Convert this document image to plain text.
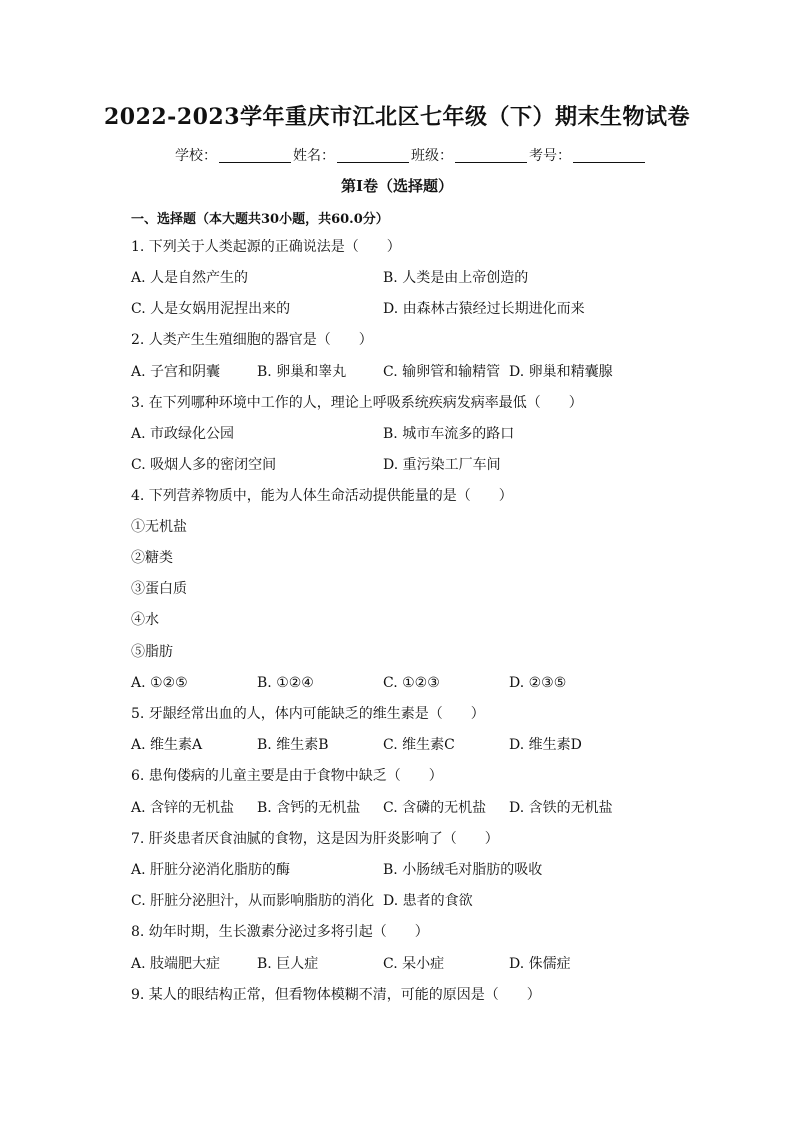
2022-2023学年重庆市江北区七年级（下）期末生物试卷
学校：	姓名：	班级：	考号：
第I卷（选择题）
一、选择题（本大题共30小题，共60.0分）
1. 下列关于人类起源的正确说法是（　　）
A. 人是自然产生的	B. 人类是由上帝创造的
C. 人是女娲用泥捏出来的	D. 由森林古猿经过长期进化而来
2. 人类产生生殖细胞的器官是（　　）
A. 子宫和阴囊	B. 卵巢和睾丸	C. 输卵管和输精管 D. 卵巢和精囊腺
3. 在下列哪种环境中工作的人，理论上呼吸系统疾病发病率最低（　　）
A. 市政绿化公园	B. 城市车流多的路口
C. 吸烟人多的密闭空间	D. 重污染工厂车间
4. 下列营养物质中，能为人体生命活动提供能量的是（　　）
①无机盐
②糖类
③蛋白质
④水
⑤脂肪
A. ①②⑤	B. ①②④	C. ①②③	D. ②③⑤
5. 牙龈经常出血的人，体内可能缺乏的维生素是（　　）
A. 维生素A	B. 维生素B	C. 维生素C	D. 维生素D
6. 患佝偻病的儿童主要是由于食物中缺乏（　　）
A. 含锌的无机盐 B. 含钙的无机盐 C. 含磷的无机盐 D. 含铁的无机盐
7. 肝炎患者厌食油腻的食物，这是因为肝炎影响了（　　）
A. 肝脏分泌消化脂肪的酶	B. 小肠绒毛对脂肪的吸收
C. 肝脏分泌胆汁，从而影响脂肪的消化 D. 患者的食欲
8. 幼年时期，生长激素分泌过多将引起（　　）
A. 肢端肥大症	B. 巨人症	C. 呆小症	D. 侏儒症
9. 某人的眼结构正常，但看物体模糊不清，可能的原因是（　　）
